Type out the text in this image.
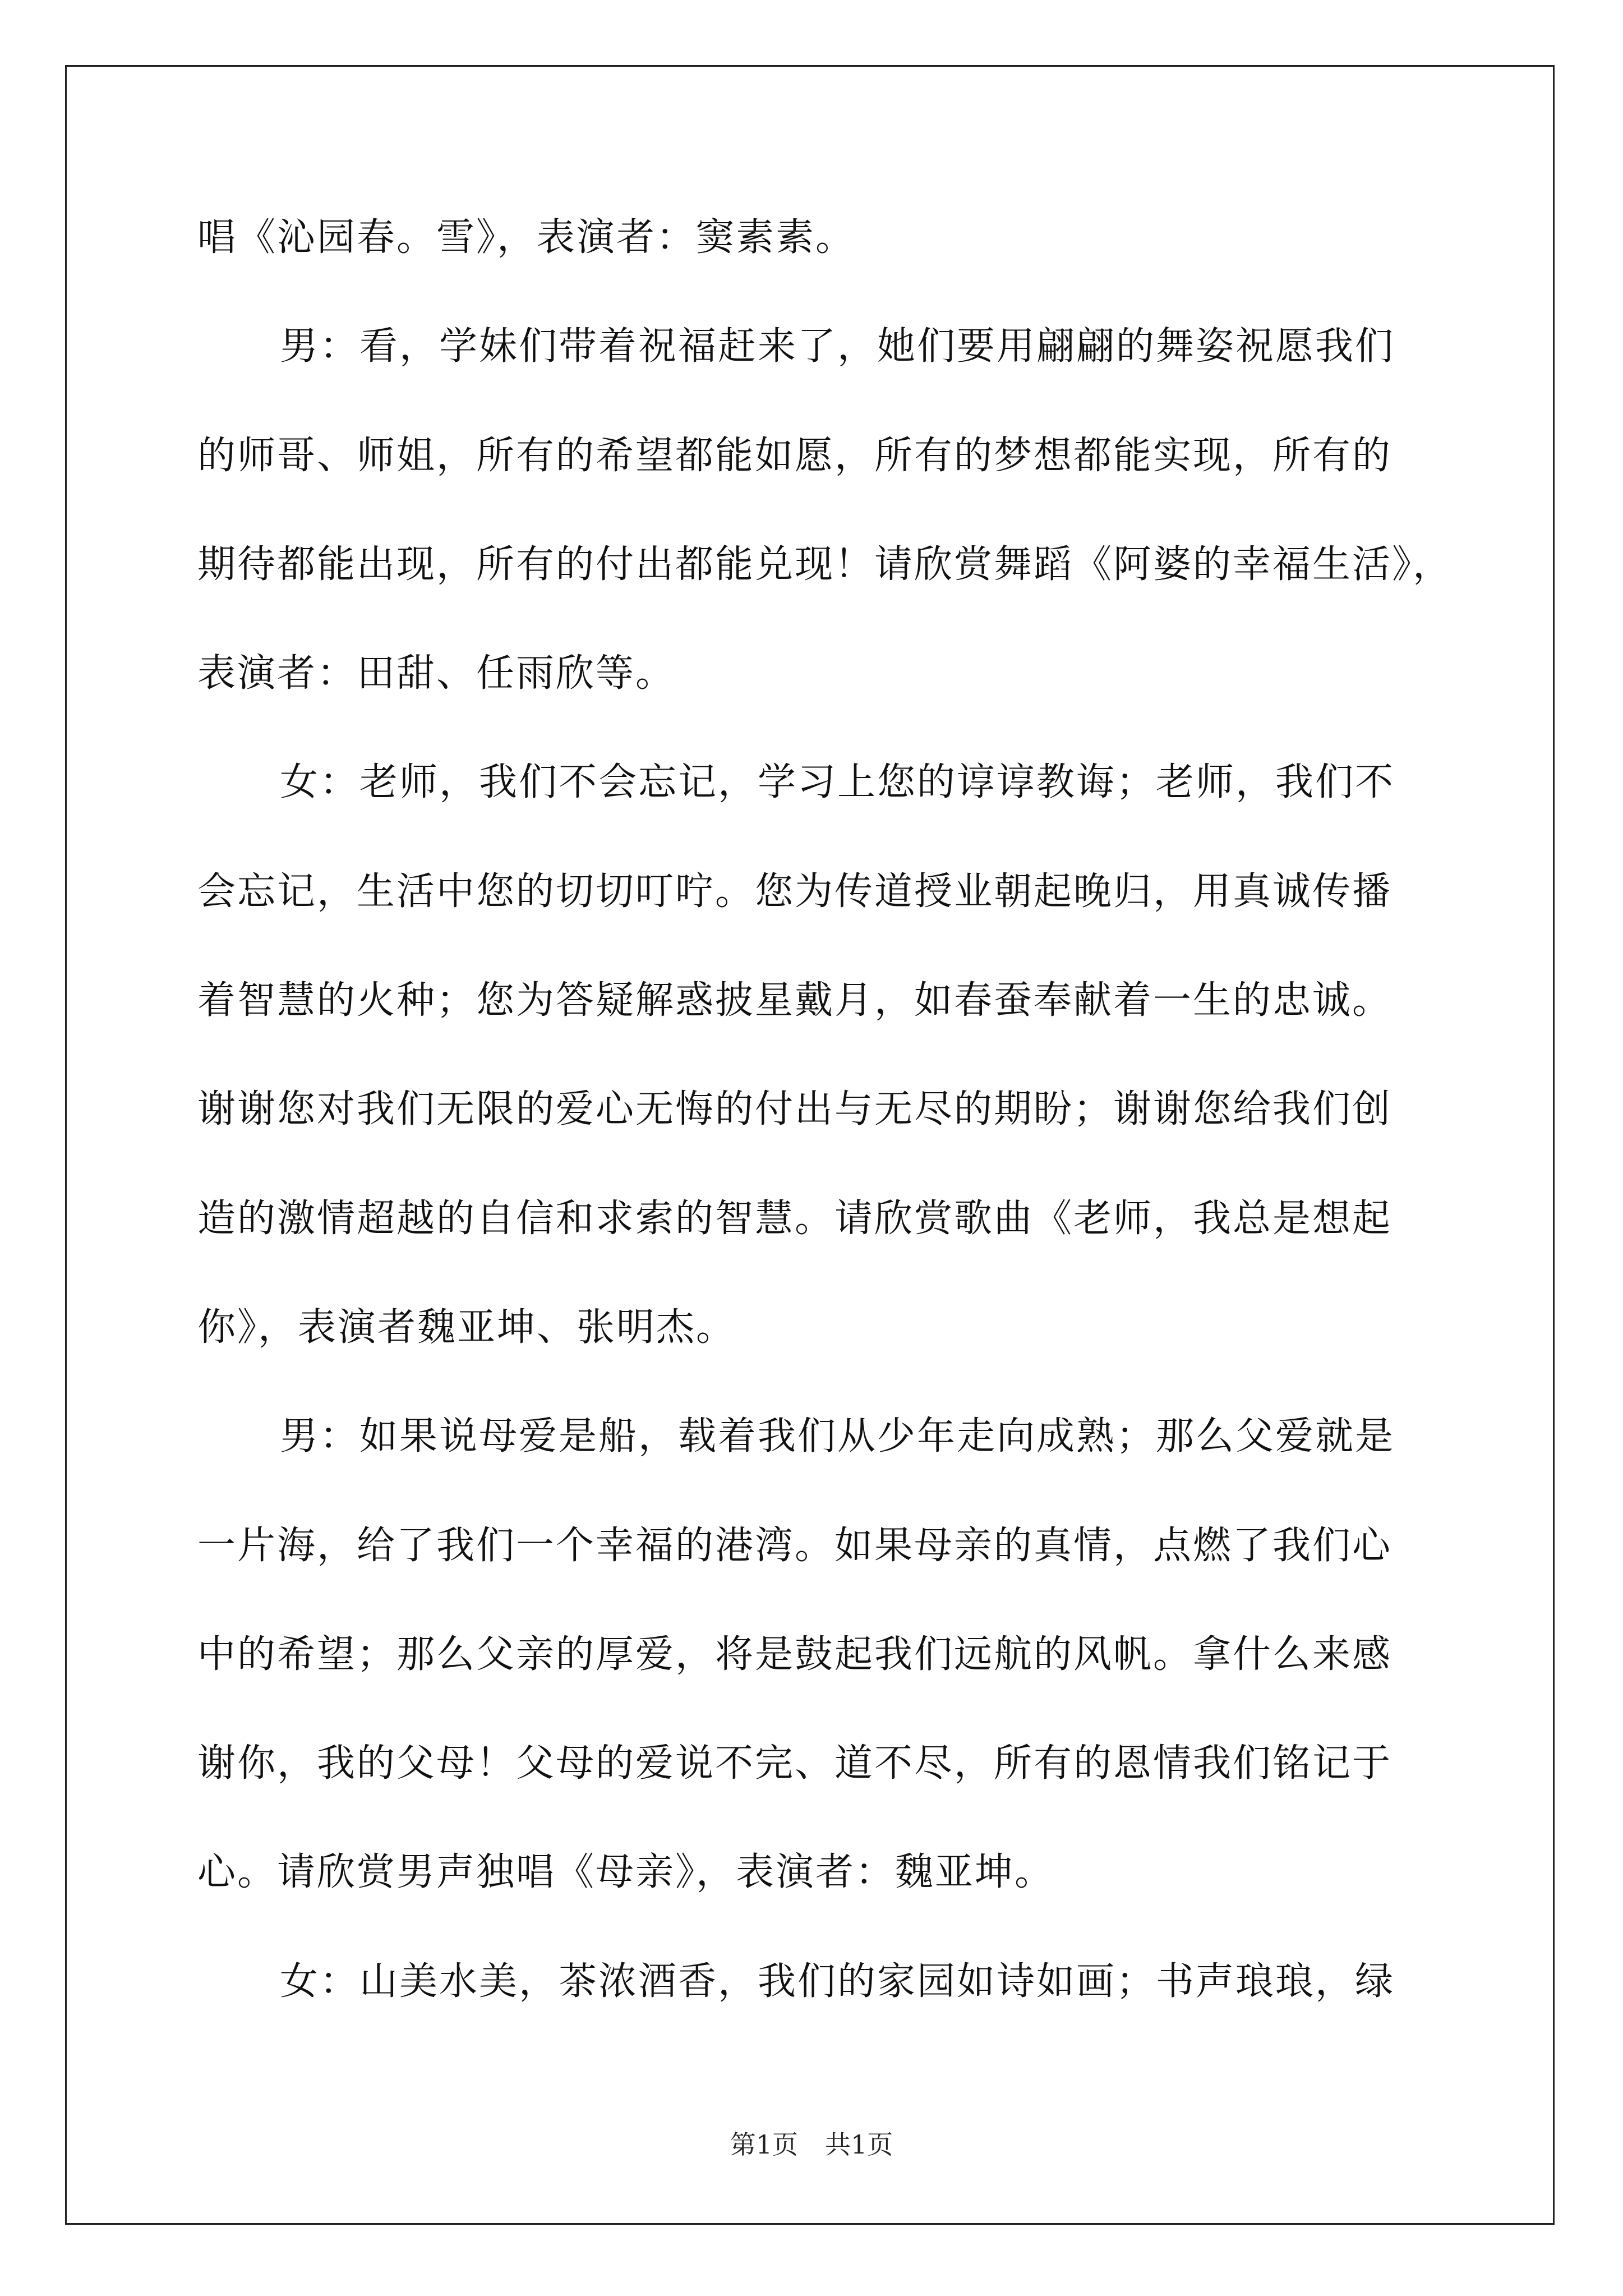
唱《沁园春。雪》，表演者：窦素素。
男：看，学妹们带着祝福赶来了，她们要用翩翩的舞姿祝愿我们
的师哥、师姐，所有的希望都能如愿，所有的梦想都能实现，所有的
期待都能出现，所有的付出都能兑现！请欣赏舞蹈《阿婆的幸福生活》，
表演者：田甜、任雨欣等。
女：老师，我们不会忘记，学习上您的谆谆教诲；老师，我们不
会忘记，生活中您的切切叮咛。您为传道授业朝起晚归，用真诚传播
着智慧的火种；您为答疑解惑披星戴月，如春蚕奉献着一生的忠诚。
谢谢您对我们无限的爱心无悔的付出与无尽的期盼；谢谢您给我们创
造的激情超越的自信和求索的智慧。请欣赏歌曲《老师，我总是想起
你》，表演者魏亚坤、张明杰。
男：如果说母爱是船，载着我们从少年走向成熟；那么父爱就是
一片海，给了我们一个幸福的港湾。如果母亲的真情，点燃了我们心
中的希望；那么父亲的厚爱，将是鼓起我们远航的风帆。拿什么来感
谢你，我的父母！父母的爱说不完、道不尽，所有的恩情我们铭记于
心。请欣赏男声独唱《母亲》，表演者：魏亚坤。
女：山美水美，茶浓酒香，我们的家园如诗如画；书声琅琅，绿
第1页 共1页
